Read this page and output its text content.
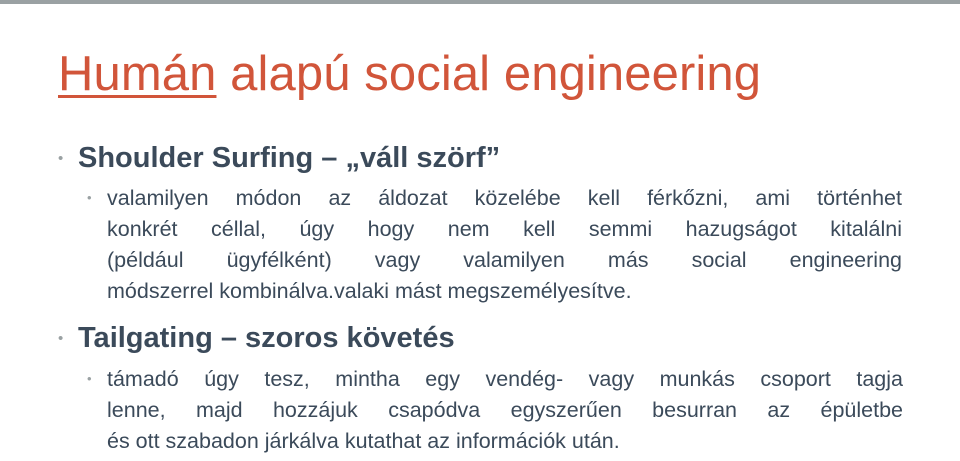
Humán alapú social engineering
• Shoulder Surfing – „váll szörf”
• valamilyen módon az áldozat közelébe kell férkőzni, ami történhet
konkrét céllal, úgy hogy nem kell semmi hazugságot kitalálni
(például ügyfélként) vagy valamilyen más social engineering
módszerrel kombinálva.valaki mást megszemélyesítve.
• Tailgating – szoros követés
• támadó úgy tesz, mintha egy vendég- vagy munkás csoport tagja
lenne, majd hozzájuk csapódva egyszerűen besurran az épületbe
és ott szabadon járkálva kutathat az információk után.
